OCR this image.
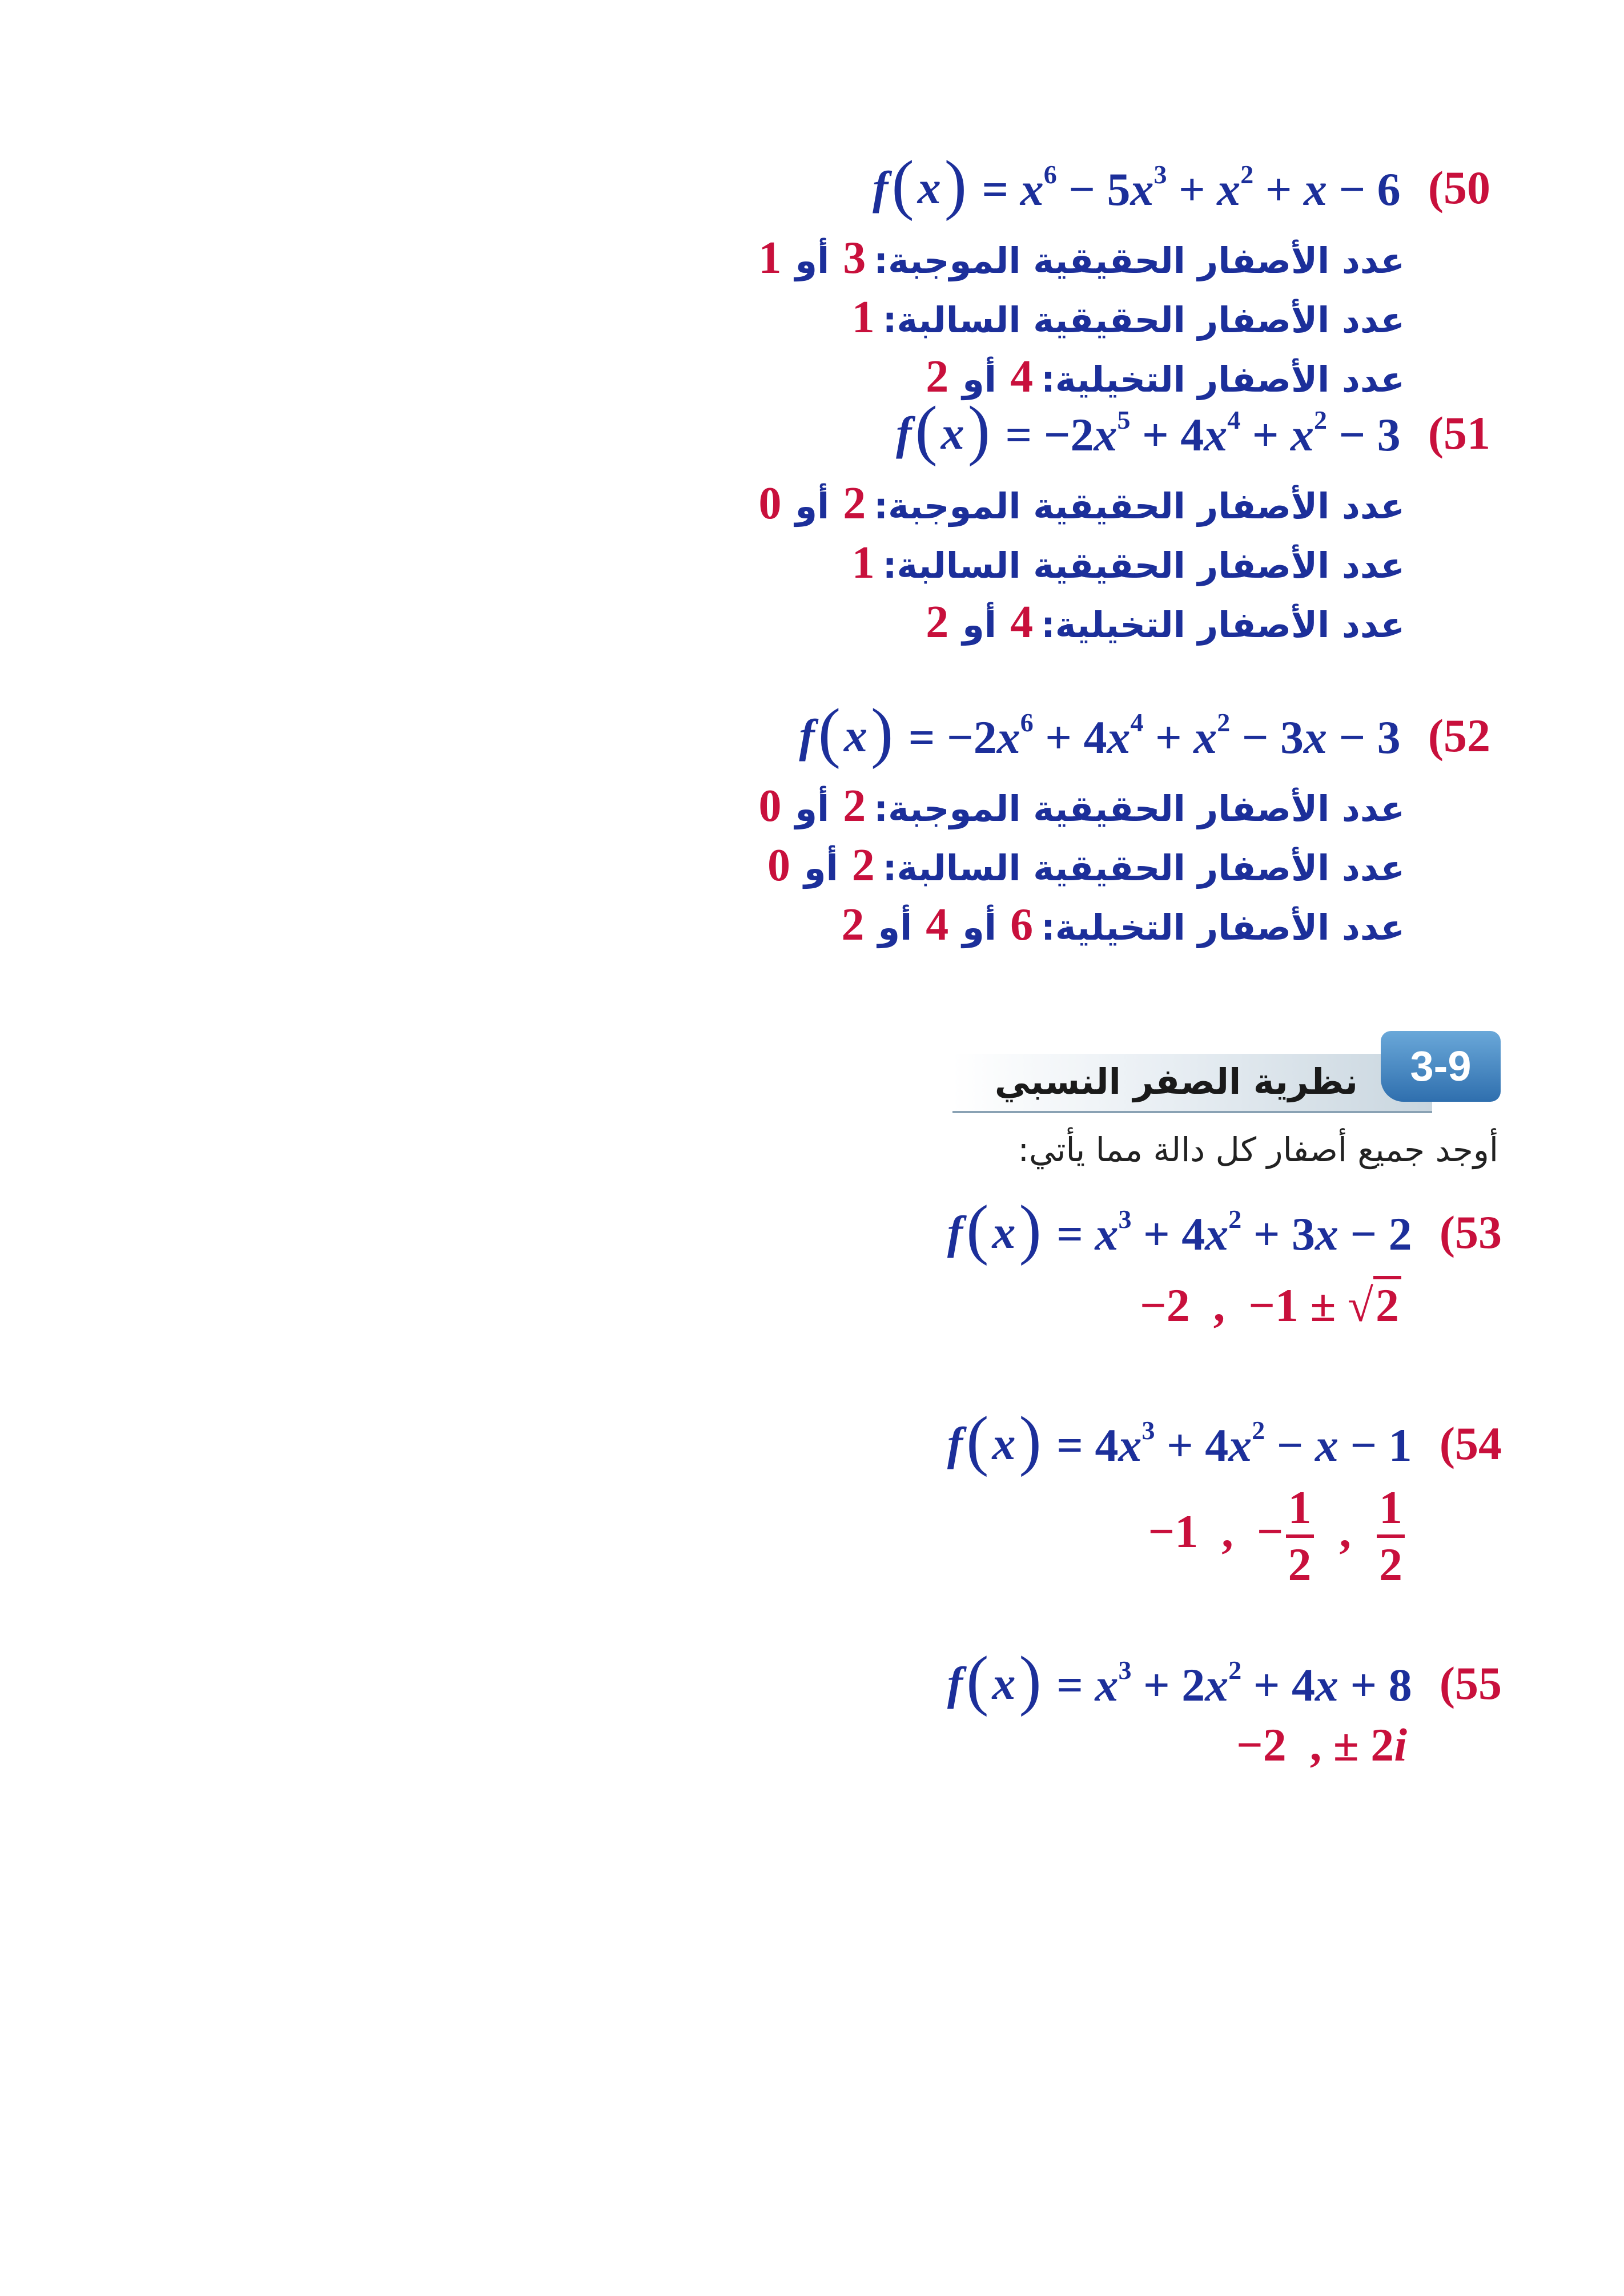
f ( x ) = $x^6 - 5x^3 + x^2 + x - 6$ (50
عدد الأصفار الحقيقية الموجبة:3أو1
عدد الأصفار الحقيقية السالبة:1
عدد الأصفار التخيلية:4أو2
f ( x ) = $-2x^5 + 4x^4 + x^2 - 3$ (51
عدد الأصفار الحقيقية الموجبة:2أو0
عدد الأصفار الحقيقية السالبة:1
عدد الأصفار التخيلية:4أو2
f ( x ) = $-2x^6 + 4x^4 + x^2 - 3x - 3$ (52
عدد الأصفار الحقيقية الموجبة:2أو0
عدد الأصفار الحقيقية السالبة:2أو0
عدد الأصفار التخيلية:6أو4أو2
3-9
نظرية الصفر النسبي
أوجد جميع أصفار كل دالة مما يأتي:
f ( x ) = $x^3 + 4x^2 + 3x - 2$ (53
−2  ,  −1 ± √2
f ( x ) = $4x^3 + 4x^2 - x - 1$ (54
−1  ,  − $\frac{1}{2}$ , $\frac{1}{2}$
f ( x ) = $x^3 + 2x^2 + 4x + 8$ (55
−2  , ± 2i
